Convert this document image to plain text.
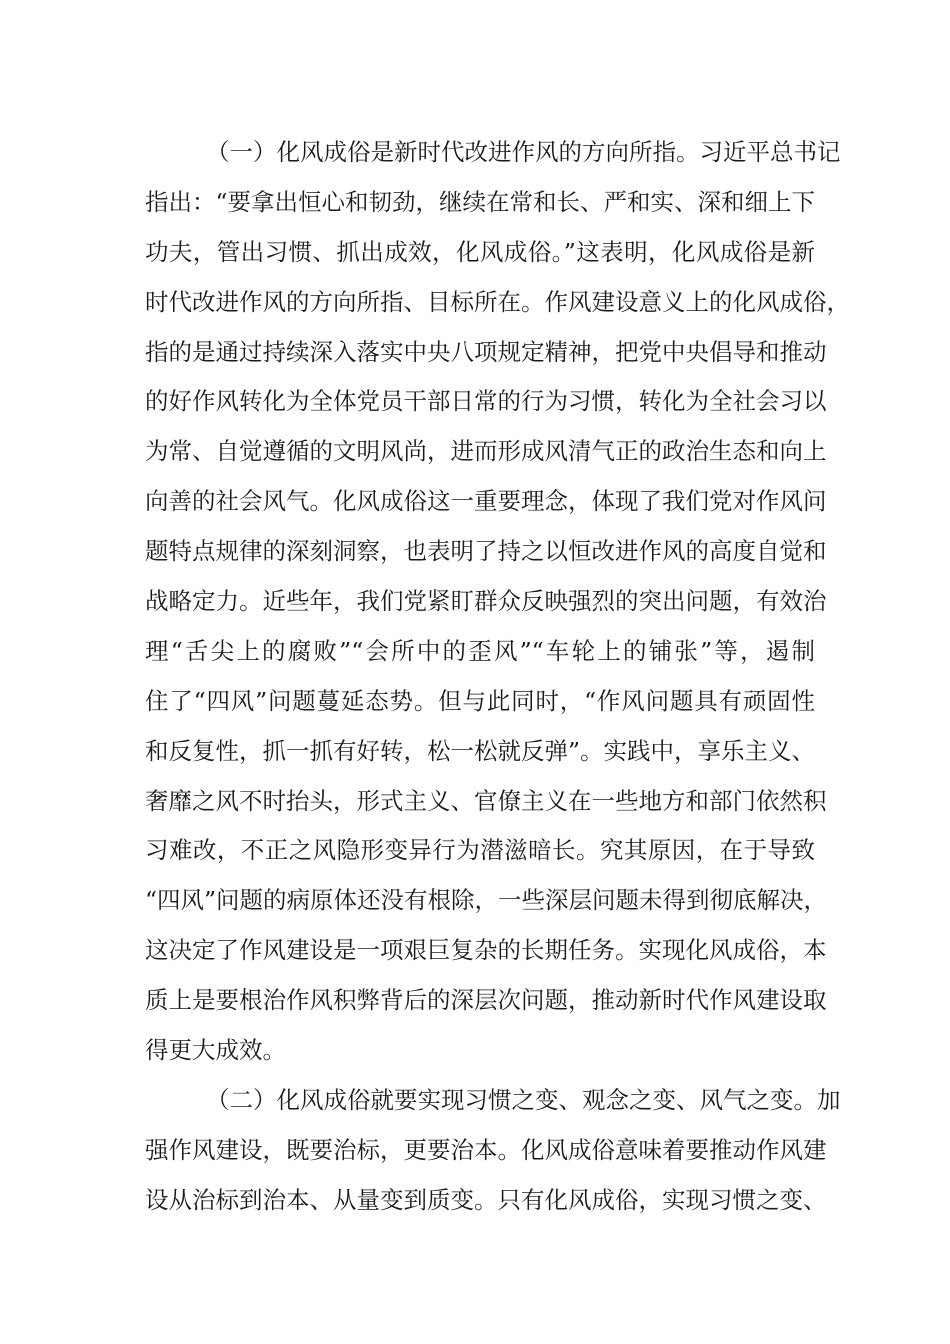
（一）化风成俗是新时代改进作风的方向所指。习近平总书记
指出：“要拿出恒心和韧劲，继续在常和长、严和实、深和细上下
功夫，管出习惯、抓出成效，化风成俗。”这表明，化风成俗是新
时代改进作风的方向所指、目标所在。作风建设意义上的化风成俗，
指的是通过持续深入落实中央八项规定精神，把党中央倡导和推动
的好作风转化为全体党员干部日常的行为习惯，转化为全社会习以
为常、自觉遵循的文明风尚，进而形成风清气正的政治生态和向上
向善的社会风气。化风成俗这一重要理念，体现了我们党对作风问
题特点规律的深刻洞察，也表明了持之以恒改进作风的高度自觉和
战略定力。近些年，我们党紧盯群众反映强烈的突出问题，有效治
理“舌尖上的腐败”“会所中的歪风”“车轮上的铺张”等，遏制
住了“四风”问题蔓延态势。但与此同时，“作风问题具有顽固性
和反复性，抓一抓有好转，松一松就反弹”。实践中，享乐主义、
奢靡之风不时抬头，形式主义、官僚主义在一些地方和部门依然积
习难改，不正之风隐形变异行为潜滋暗长。究其原因，在于导致
“四风”问题的病原体还没有根除，一些深层问题未得到彻底解决，
这决定了作风建设是一项艰巨复杂的长期任务。实现化风成俗，本
质上是要根治作风积弊背后的深层次问题，推动新时代作风建设取
得更大成效。
（二）化风成俗就要实现习惯之变、观念之变、风气之变。加
强作风建设，既要治标，更要治本。化风成俗意味着要推动作风建
设从治标到治本、从量变到质变。只有化风成俗，实现习惯之变、
